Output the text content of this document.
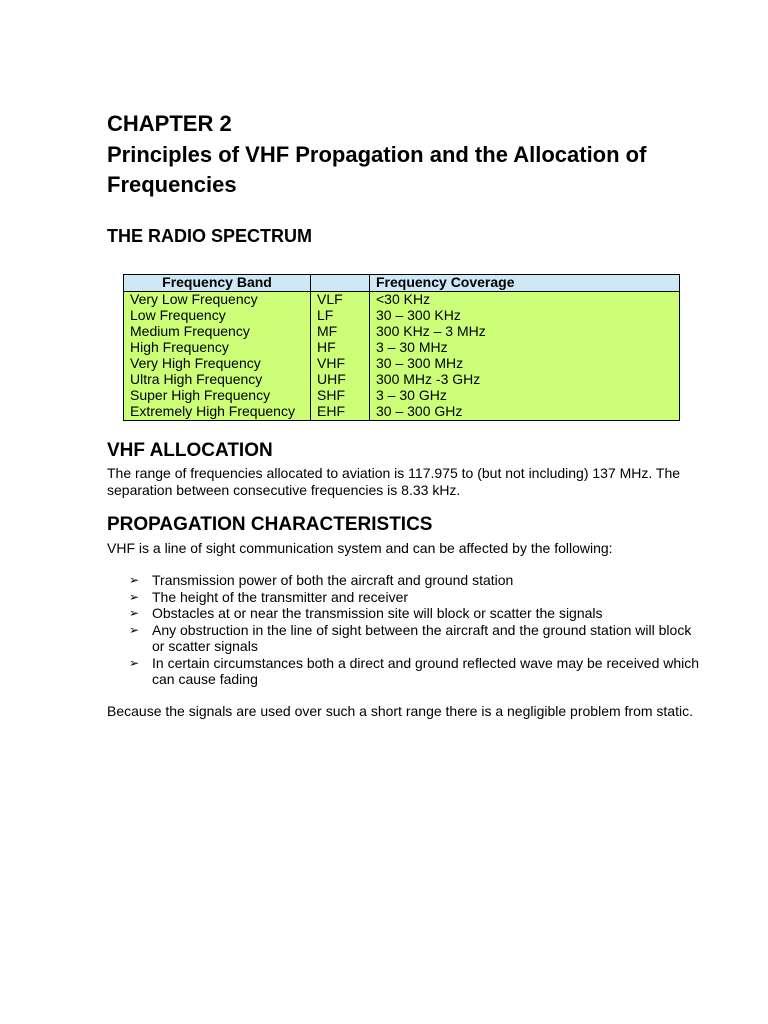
CHAPTER 2
Principles of VHF Propagation and the Allocation of Frequencies
THE RADIO SPECTRUM
Frequency Band		Frequency Coverage
Very Low Frequency	VLF	<30 KHz
Low Frequency	LF	30 – 300 KHz
Medium Frequency	MF	300 KHz – 3 MHz
High Frequency	HF	3 – 30 MHz
Very High Frequency	VHF	30 – 300 MHz
Ultra High Frequency	UHF	300 MHz -3 GHz
Super High Frequency	SHF	3 – 30 GHz
Extremely High Frequency	EHF	30 – 300 GHz
VHF ALLOCATION
The range of frequencies allocated to aviation is 117.975 to (but not including) 137 MHz. The separation between consecutive frequencies is 8.33 kHz.
PROPAGATION CHARACTERISTICS
VHF is a line of sight communication system and can be affected by the following:
➢ Transmission power of both the aircraft and ground station
➢ The height of the transmitter and receiver
➢ Obstacles at or near the transmission site will block or scatter the signals
➢ Any obstruction in the line of sight between the aircraft and the ground station will block or scatter signals
➢ In certain circumstances both a direct and ground reflected wave may be received which can cause fading
Because the signals are used over such a short range there is a negligible problem from static.
